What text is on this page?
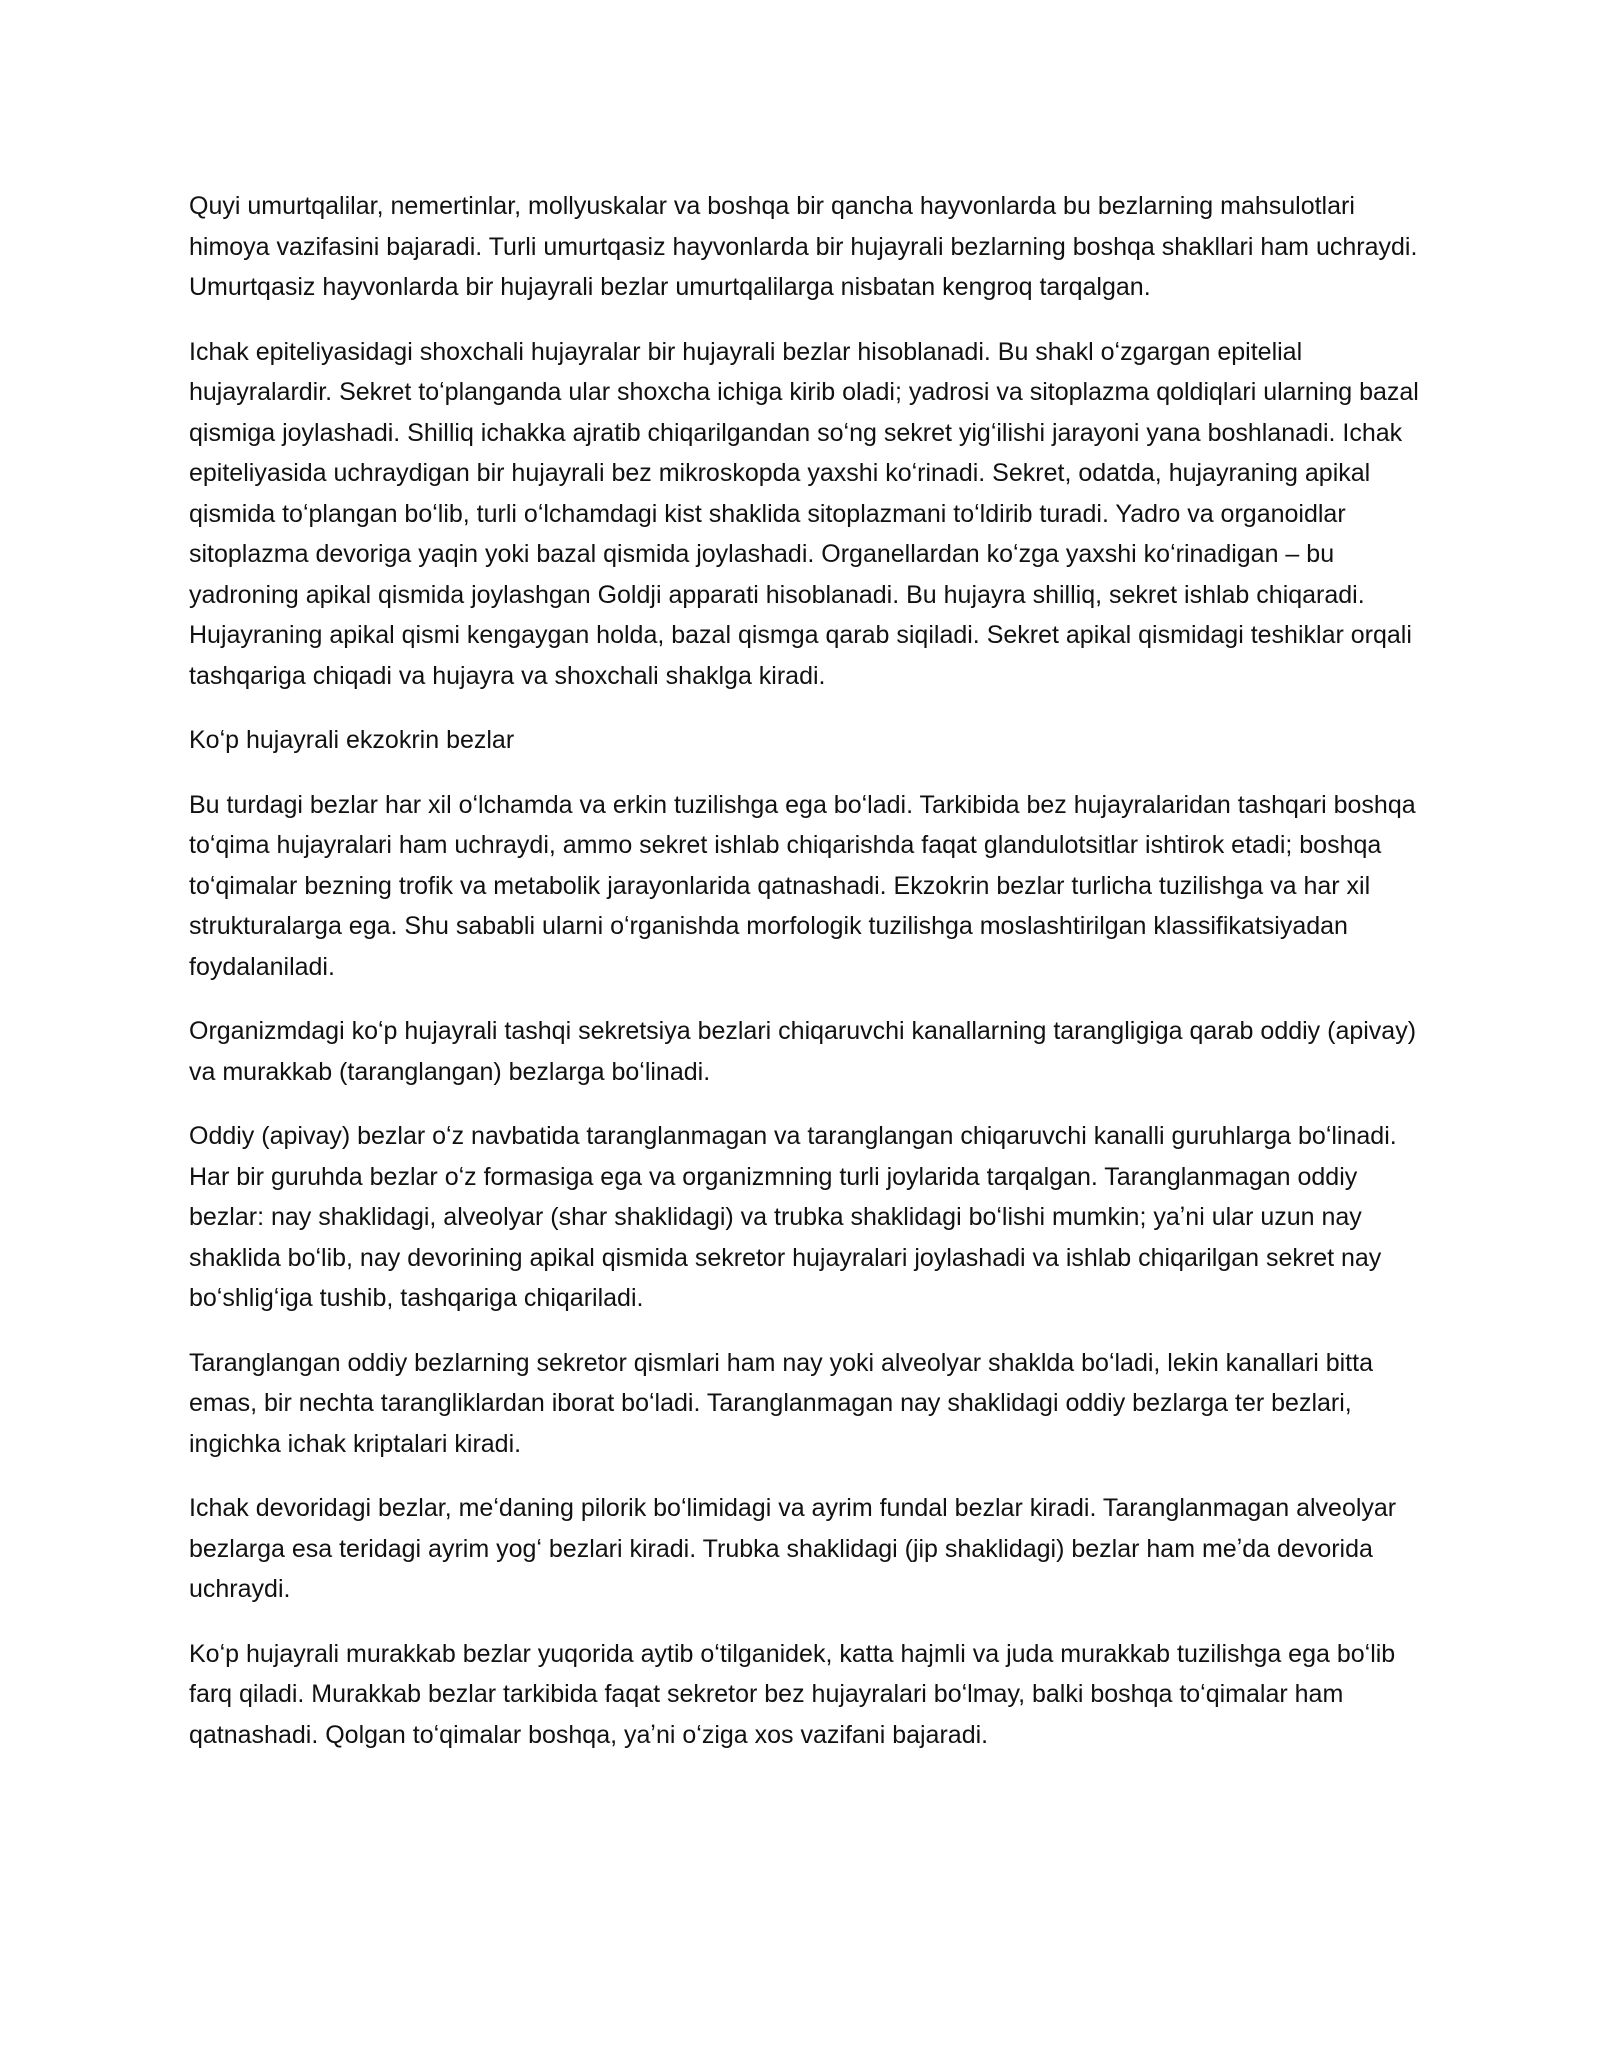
Quyi umurtqalilar, nemertinlar, mollyuskalar va boshqa bir qancha hayvonlarda bu bezlarning mahsulotlari himoya vazifasini bajaradi. Turli umurtqasiz hayvonlarda bir hujayrali bezlarning boshqa shakllari ham uchraydi. Umurtqasiz hayvonlarda bir hujayrali bezlar umurtqalilarga nisbatan kengroq tarqalgan.

Ichak epiteliyasidagi shoxchali hujayralar bir hujayrali bezlar hisoblanadi. Bu shakl oʻzgargan epitelial hujayralardir. Sekret toʻplanganda ular shoxcha ichiga kirib oladi; yadrosi va sitoplazma qoldiqlari ularning bazal qismiga joylashadi. Shilliq ichakka ajratib chiqarilgandan soʻng sekret yigʻilishi jarayoni yana boshlanadi. Ichak epiteliyasida uchraydigan bir hujayrali bez mikroskopda yaxshi koʻrinadi. Sekret, odatda, hujayraning apikal qismida toʻplangan boʻlib, turli oʻlchamdagi kist shaklida sitoplazmani toʻldirib turadi. Yadro va organoidlar sitoplazma devoriga yaqin yoki bazal qismida joylashadi. Organellardan koʻzga yaxshi koʻrinadigan – bu yadroning apikal qismida joylashgan Goldji apparati hisoblanadi. Bu hujayra shilliq, sekret ishlab chiqaradi. Hujayraning apikal qismi kengaygan holda, bazal qismga qarab siqiladi. Sekret apikal qismidagi teshiklar orqali tashqariga chiqadi va hujayra va shoxchali shaklga kiradi.

Koʻp hujayrali ekzokrin bezlar

Bu turdagi bezlar har xil oʻlchamda va erkin tuzilishga ega boʻladi. Tarkibida bez hujayralaridan tashqari boshqa toʻqima hujayralari ham uchraydi, ammo sekret ishlab chiqarishda faqat glandulotsitlar ishtirok etadi; boshqa toʻqimalar bezning trofik va metabolik jarayonlarida qatnashadi. Ekzokrin bezlar turlicha tuzilishga va har xil strukturalarga ega. Shu sababli ularni oʻrganishda morfologik tuzilishga moslashtirilgan klassifikatsiyadan foydalaniladi.

Organizmdagi koʻp hujayrali tashqi sekretsiya bezlari chiqaruvchi kanallarning tarangligiga qarab oddiy (apivay) va murakkab (taranglangan) bezlarga boʻlinadi.

Oddiy (apivay) bezlar oʻz navbatida taranglanmagan va taranglangan chiqaruvchi kanalli guruhlarga boʻlinadi. Har bir guruhda bezlar oʻz formasiga ega va organizmning turli joylarida tarqalgan. Taranglanmagan oddiy bezlar: nay shaklidagi, alveolyar (shar shaklidagi) va trubka shaklidagi boʻlishi mumkin; yaʼni ular uzun nay shaklida boʻlib, nay devorining apikal qismida sekretor hujayralari joylashadi va ishlab chiqarilgan sekret nay boʻshligʻiga tushib, tashqariga chiqariladi.

Taranglangan oddiy bezlarning sekretor qismlari ham nay yoki alveolyar shaklda boʻladi, lekin kanallari bitta emas, bir nechta tarangliklardan iborat boʻladi. Taranglanmagan nay shaklidagi oddiy bezlarga ter bezlari, ingichka ichak kriptalari kiradi.

Ichak devoridagi bezlar, meʻdaning pilorik boʻlimidagi va ayrim fundal bezlar kiradi. Taranglanmagan alveolyar bezlarga esa teridagi ayrim yogʻ bezlari kiradi. Trubka shaklidagi (jip shaklidagi) bezlar ham meʼda devorida uchraydi.

Koʻp hujayrali murakkab bezlar yuqorida aytib oʻtilganidek, katta hajmli va juda murakkab tuzilishga ega boʻlib farq qiladi. Murakkab bezlar tarkibida faqat sekretor bez hujayralari boʻlmay, balki boshqa toʻqimalar ham qatnashadi. Qolgan toʻqimalar boshqa, yaʼni oʻziga xos vazifani bajaradi.
